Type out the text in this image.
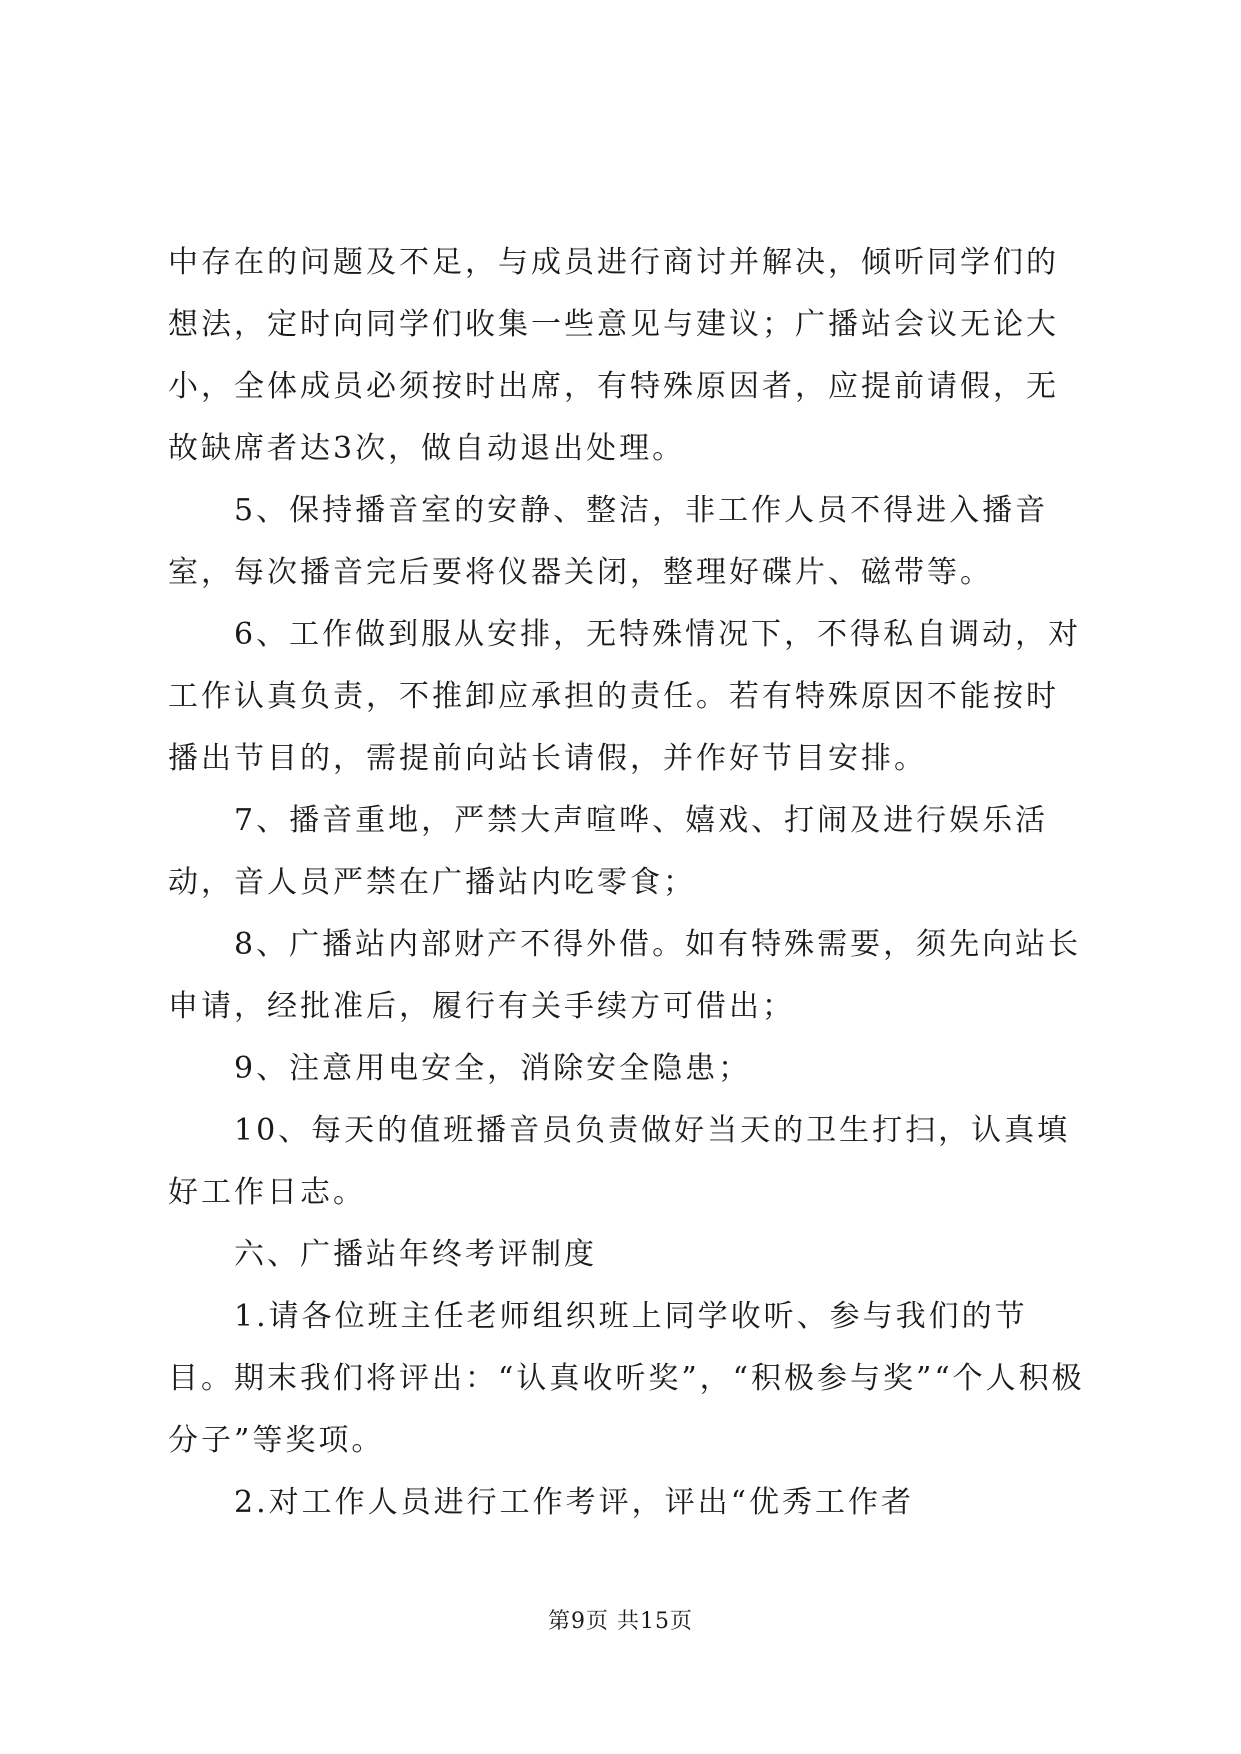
中存在的问题及不足，与成员进行商讨并解决，倾听同学们的想法，定时向同学们收集一些意见与建议；广播站会议无论大小，全体成员必须按时出席，有特殊原因者，应提前请假，无故缺席者达3次，做自动退出处理。

5、保持播音室的安静、整洁，非工作人员不得进入播音室，每次播音完后要将仪器关闭，整理好碟片、磁带等。

6、工作做到服从安排，无特殊情况下，不得私自调动，对工作认真负责，不推卸应承担的责任。若有特殊原因不能按时播出节目的，需提前向站长请假，并作好节目安排。

7、播音重地，严禁大声喧哗、嬉戏、打闹及进行娱乐活动，音人员严禁在广播站内吃零食；

8、广播站内部财产不得外借。如有特殊需要，须先向站长申请，经批准后，履行有关手续方可借出；

9、注意用电安全，消除安全隐患；

10、每天的值班播音员负责做好当天的卫生打扫，认真填好工作日志。

六、广播站年终考评制度

1.请各位班主任老师组织班上同学收听、参与我们的节目。期末我们将评出：“认真收听奖”，“积极参与奖”“个人积极分子”等奖项。

2.对工作人员进行工作考评，评出“优秀工作者

第9页 共15页
